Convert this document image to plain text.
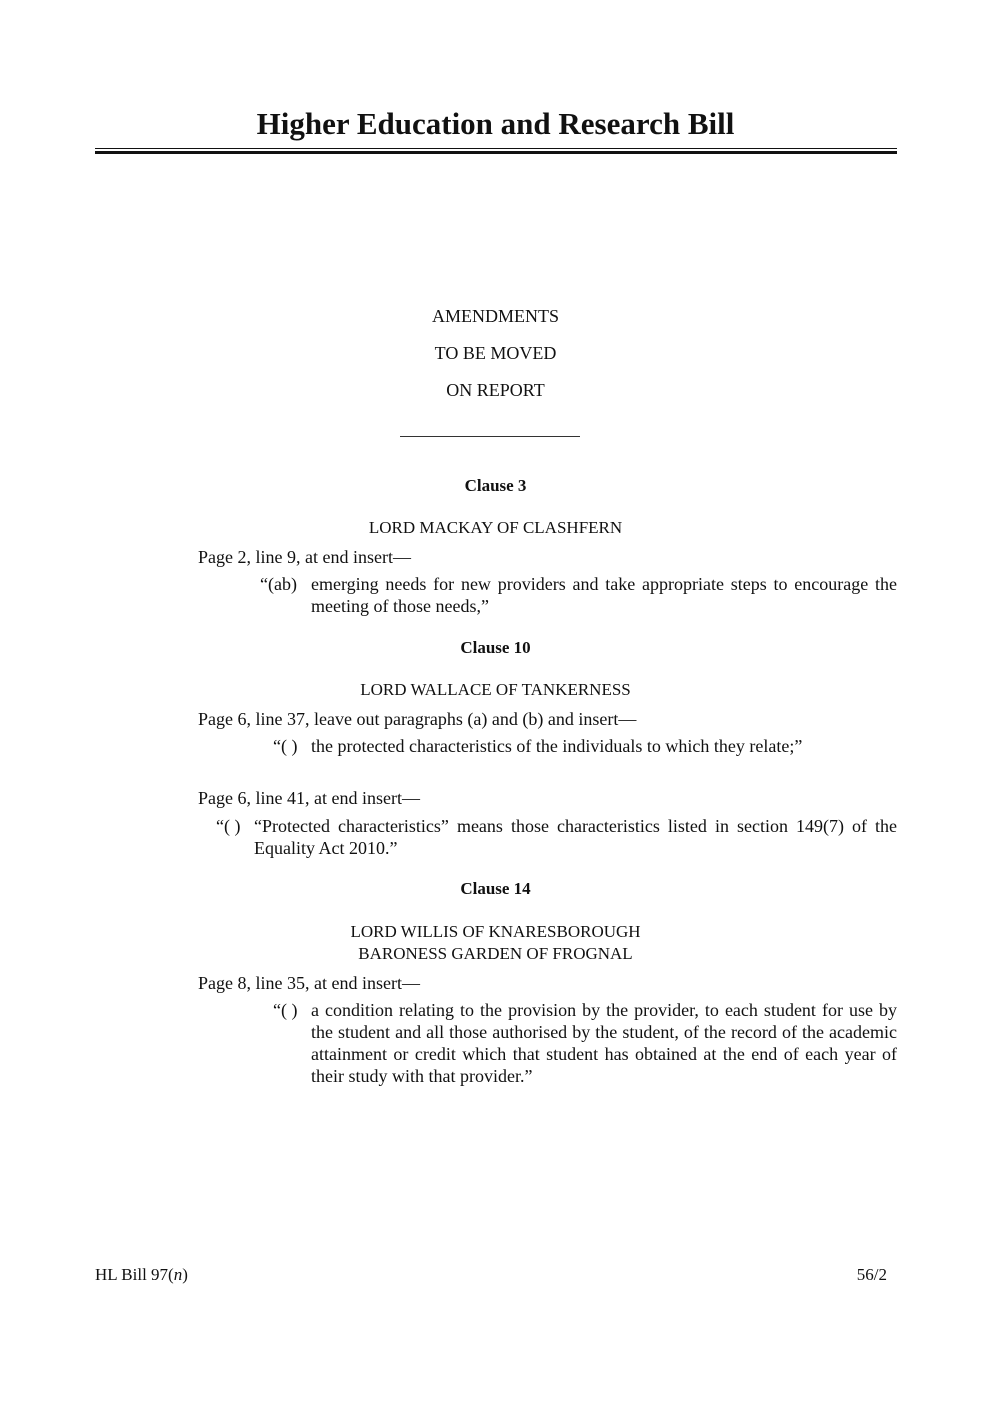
Higher Education and Research Bill
AMENDMENTS
TO BE MOVED
ON REPORT
Clause 3
LORD MACKAY OF CLASHFERN
Page 2, line 9, at end insert—
“(ab) emerging needs for new providers and take appropriate steps to encourage the meeting of those needs,”
Clause 10
LORD WALLACE OF TANKERNESS
Page 6, line 37, leave out paragraphs (a) and (b) and insert—
“( ) the protected characteristics of the individuals to which they relate;”
Page 6, line 41, at end insert—
“( ) “Protected characteristics” means those characteristics listed in section 149(7) of the Equality Act 2010.”
Clause 14
LORD WILLIS OF KNARESBOROUGH
BARONESS GARDEN OF FROGNAL
Page 8, line 35, at end insert—
“( ) a condition relating to the provision by the provider, to each student for use by the student and all those authorised by the student, of the record of the academic attainment or credit which that student has obtained at the end of each year of their study with that provider.”
HL Bill 97(n)	56/2
